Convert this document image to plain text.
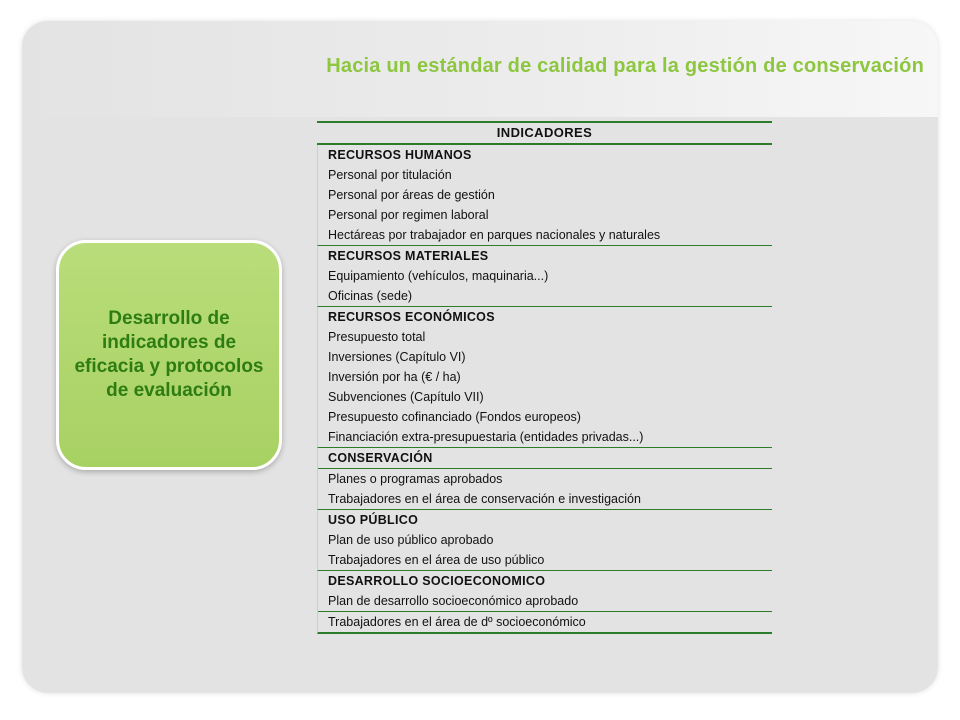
Hacia un estándar de calidad para la gestión de conservación
Desarrollo de indicadores de eficacia y protocolos de evaluación
INDICADORES
RECURSOS HUMANOS
Personal por titulación
Personal por áreas de gestión
Personal por regimen laboral
Hectáreas por trabajador en parques nacionales y naturales
RECURSOS MATERIALES
Equipamiento (vehículos, maquinaria...)
Oficinas (sede)
RECURSOS ECONÓMICOS
Presupuesto total
Inversiones (Capítulo VI)
Inversión por ha (€ / ha)
Subvenciones (Capítulo VII)
Presupuesto cofinanciado (Fondos europeos)
Financiación extra-presupuestaria (entidades privadas...)
CONSERVACIÓN
Planes o programas aprobados
Trabajadores en el área de conservación e investigación
USO PÚBLICO
Plan de uso público aprobado
Trabajadores en el área de uso público
DESARROLLO SOCIOECONOMICO
Plan de desarrollo socioeconómico aprobado
Trabajadores en el área de dº socioeconómico
